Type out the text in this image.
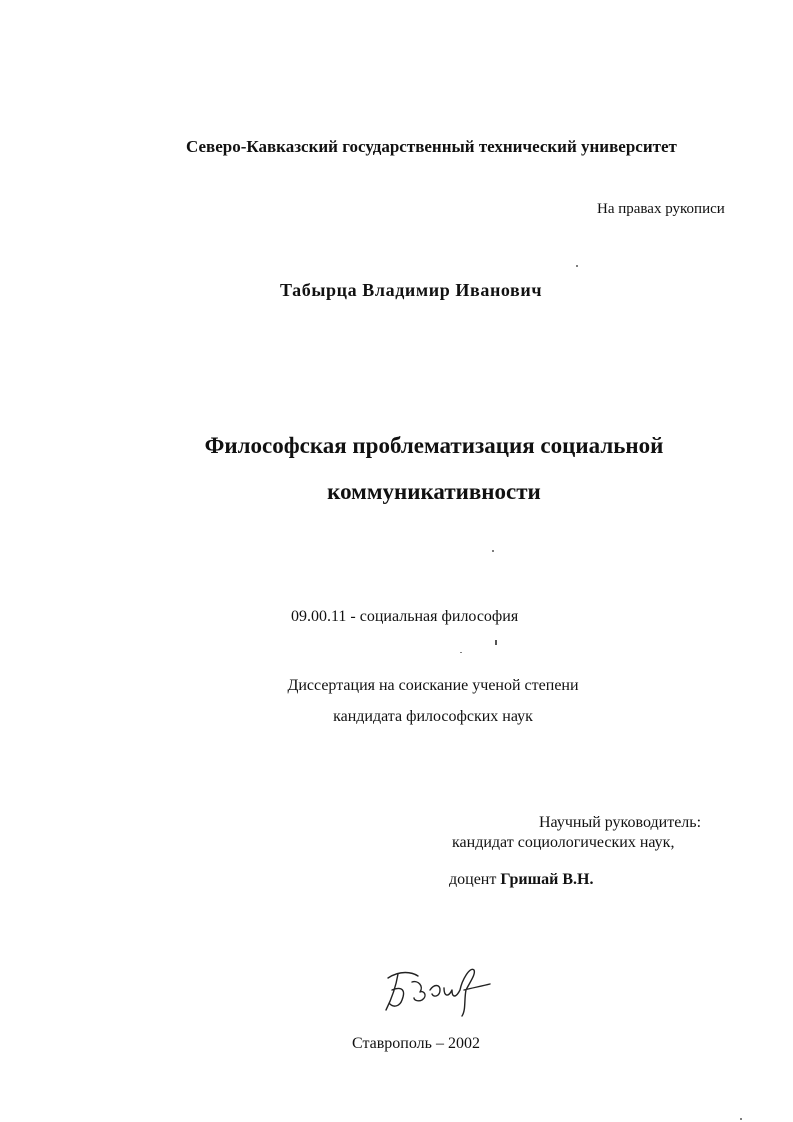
Северо-Кавказский государственный технический университет
На правах рукописи
Табырца Владимир Иванович
Философская проблематизация социальной
коммуникативности
09.00.11 - социальная философия
Диссертация на соискание ученой степени
кандидата философских наук
Научный руководитель:
кандидат социологических наук,
доцент Гришай В.Н.
Ставрополь – 2002
